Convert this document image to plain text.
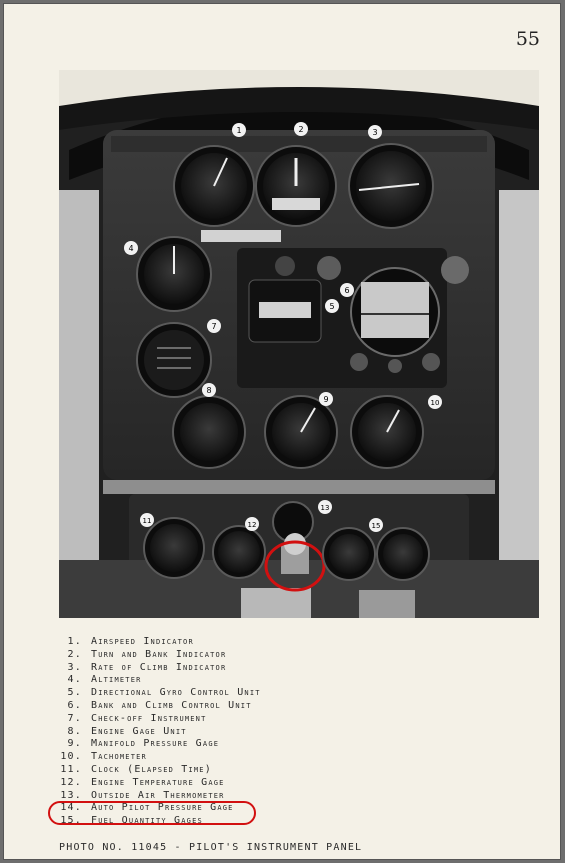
55
1	2	3
4
5
6
7
8
9	10
11	12
13
15
1. Airspeed Indicator
2. Turn and Bank Indicator
3. Rate of Climb Indicator
4. Altimeter
5. Directional Gyro Control Unit
6. Bank and Climb Control Unit
7. Check-off Instrument
8. Engine Gage Unit
9. Manifold Pressure Gage
10. Tachometer
11. Clock (Elapsed Time)
12. Engine Temperature Gage
13. Outside Air Thermometer
14. Auto Pilot Pressure Gage
15. Fuel Quantity Gages
PHOTO NO. 11045 - PILOT'S INSTRUMENT PANEL
